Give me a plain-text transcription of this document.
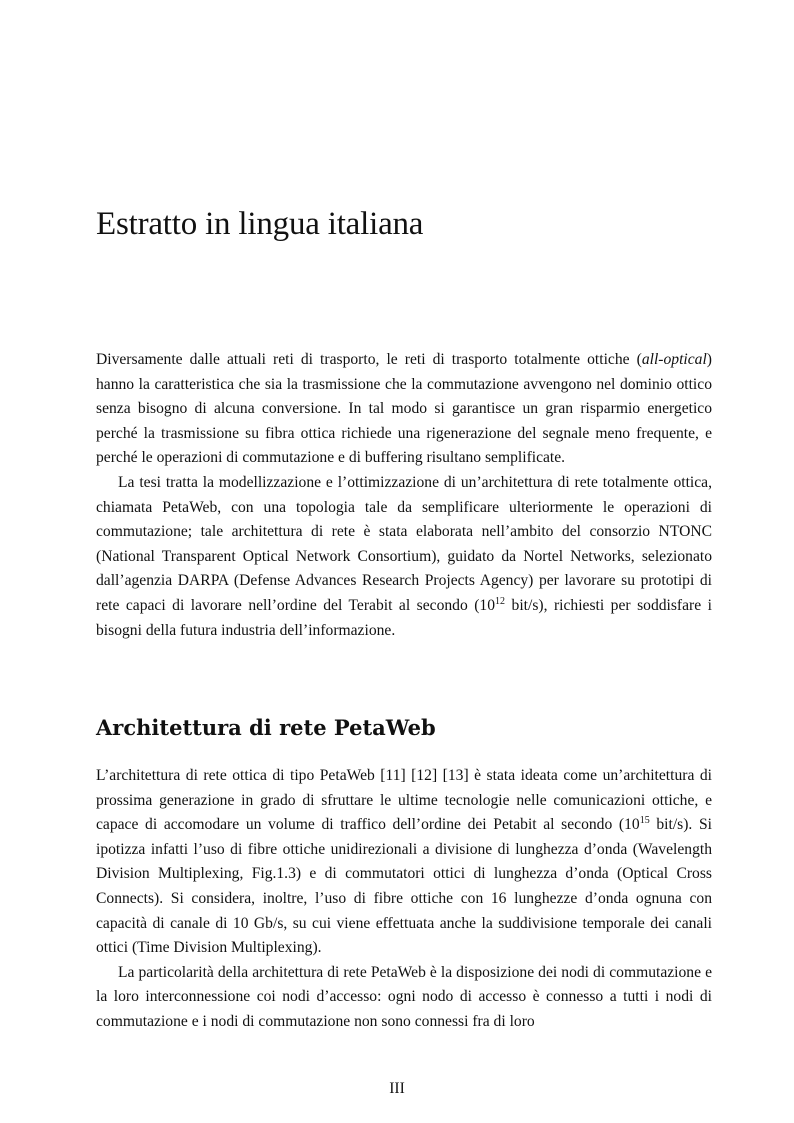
Estratto in lingua italiana

Diversamente dalle attuali reti di trasporto, le reti di trasporto totalmente ottiche (all-optical) hanno la caratteristica che sia la trasmissione che la commutazione avvengono nel dominio ottico senza bisogno di alcuna conversione. In tal modo si garantisce un gran risparmio energetico perché la trasmissione su fibra ottica richiede una rigenerazione del segnale meno frequente, e perché le operazioni di commutazione e di buffering risultano semplificate.

La tesi tratta la modellizzazione e l’ottimizzazione di un’architettura di rete totalmente ottica, chiamata PetaWeb, con una topologia tale da semplificare ulteriormente le operazioni di commutazione; tale architettura di rete è stata elaborata nell’ambito del consorzio NTONC (National Transparent Optical Network Consortium), guidato da Nortel Networks, selezionato dall’agenzia DARPA (Defense Advances Research Projects Agency) per lavorare su prototipi di rete capaci di lavorare nell’ordine del Terabit al secondo ($10^{12}$ bit/s), richiesti per soddisfare i bisogni della futura industria dell’informazione.

Architettura di rete PetaWeb

L’architettura di rete ottica di tipo PetaWeb [11] [12] [13] è stata ideata come un’architettura di prossima generazione in grado di sfruttare le ultime tecnologie nelle comunicazioni ottiche, e capace di accomodare un volume di traffico dell’ordine dei Petabit al secondo ($10^{15}$ bit/s). Si ipotizza infatti l’uso di fibre ottiche unidirezionali a divisione di lunghezza d’onda (Wavelength Division Multiplexing, Fig.1.3) e di commutatori ottici di lunghezza d’onda (Optical Cross Connects). Si considera, inoltre, l’uso di fibre ottiche con 16 lunghezze d’onda ognuna con capacità di canale di 10 Gb/s, su cui viene effettuata anche la suddivisione temporale dei canali ottici (Time Division Multiplexing).

La particolarità della architettura di rete PetaWeb è la disposizione dei nodi di commutazione e la loro interconnessione coi nodi d’accesso: ogni nodo di accesso è connesso a tutti i nodi di commutazione e i nodi di commutazione non sono connessi fra di loro

III
